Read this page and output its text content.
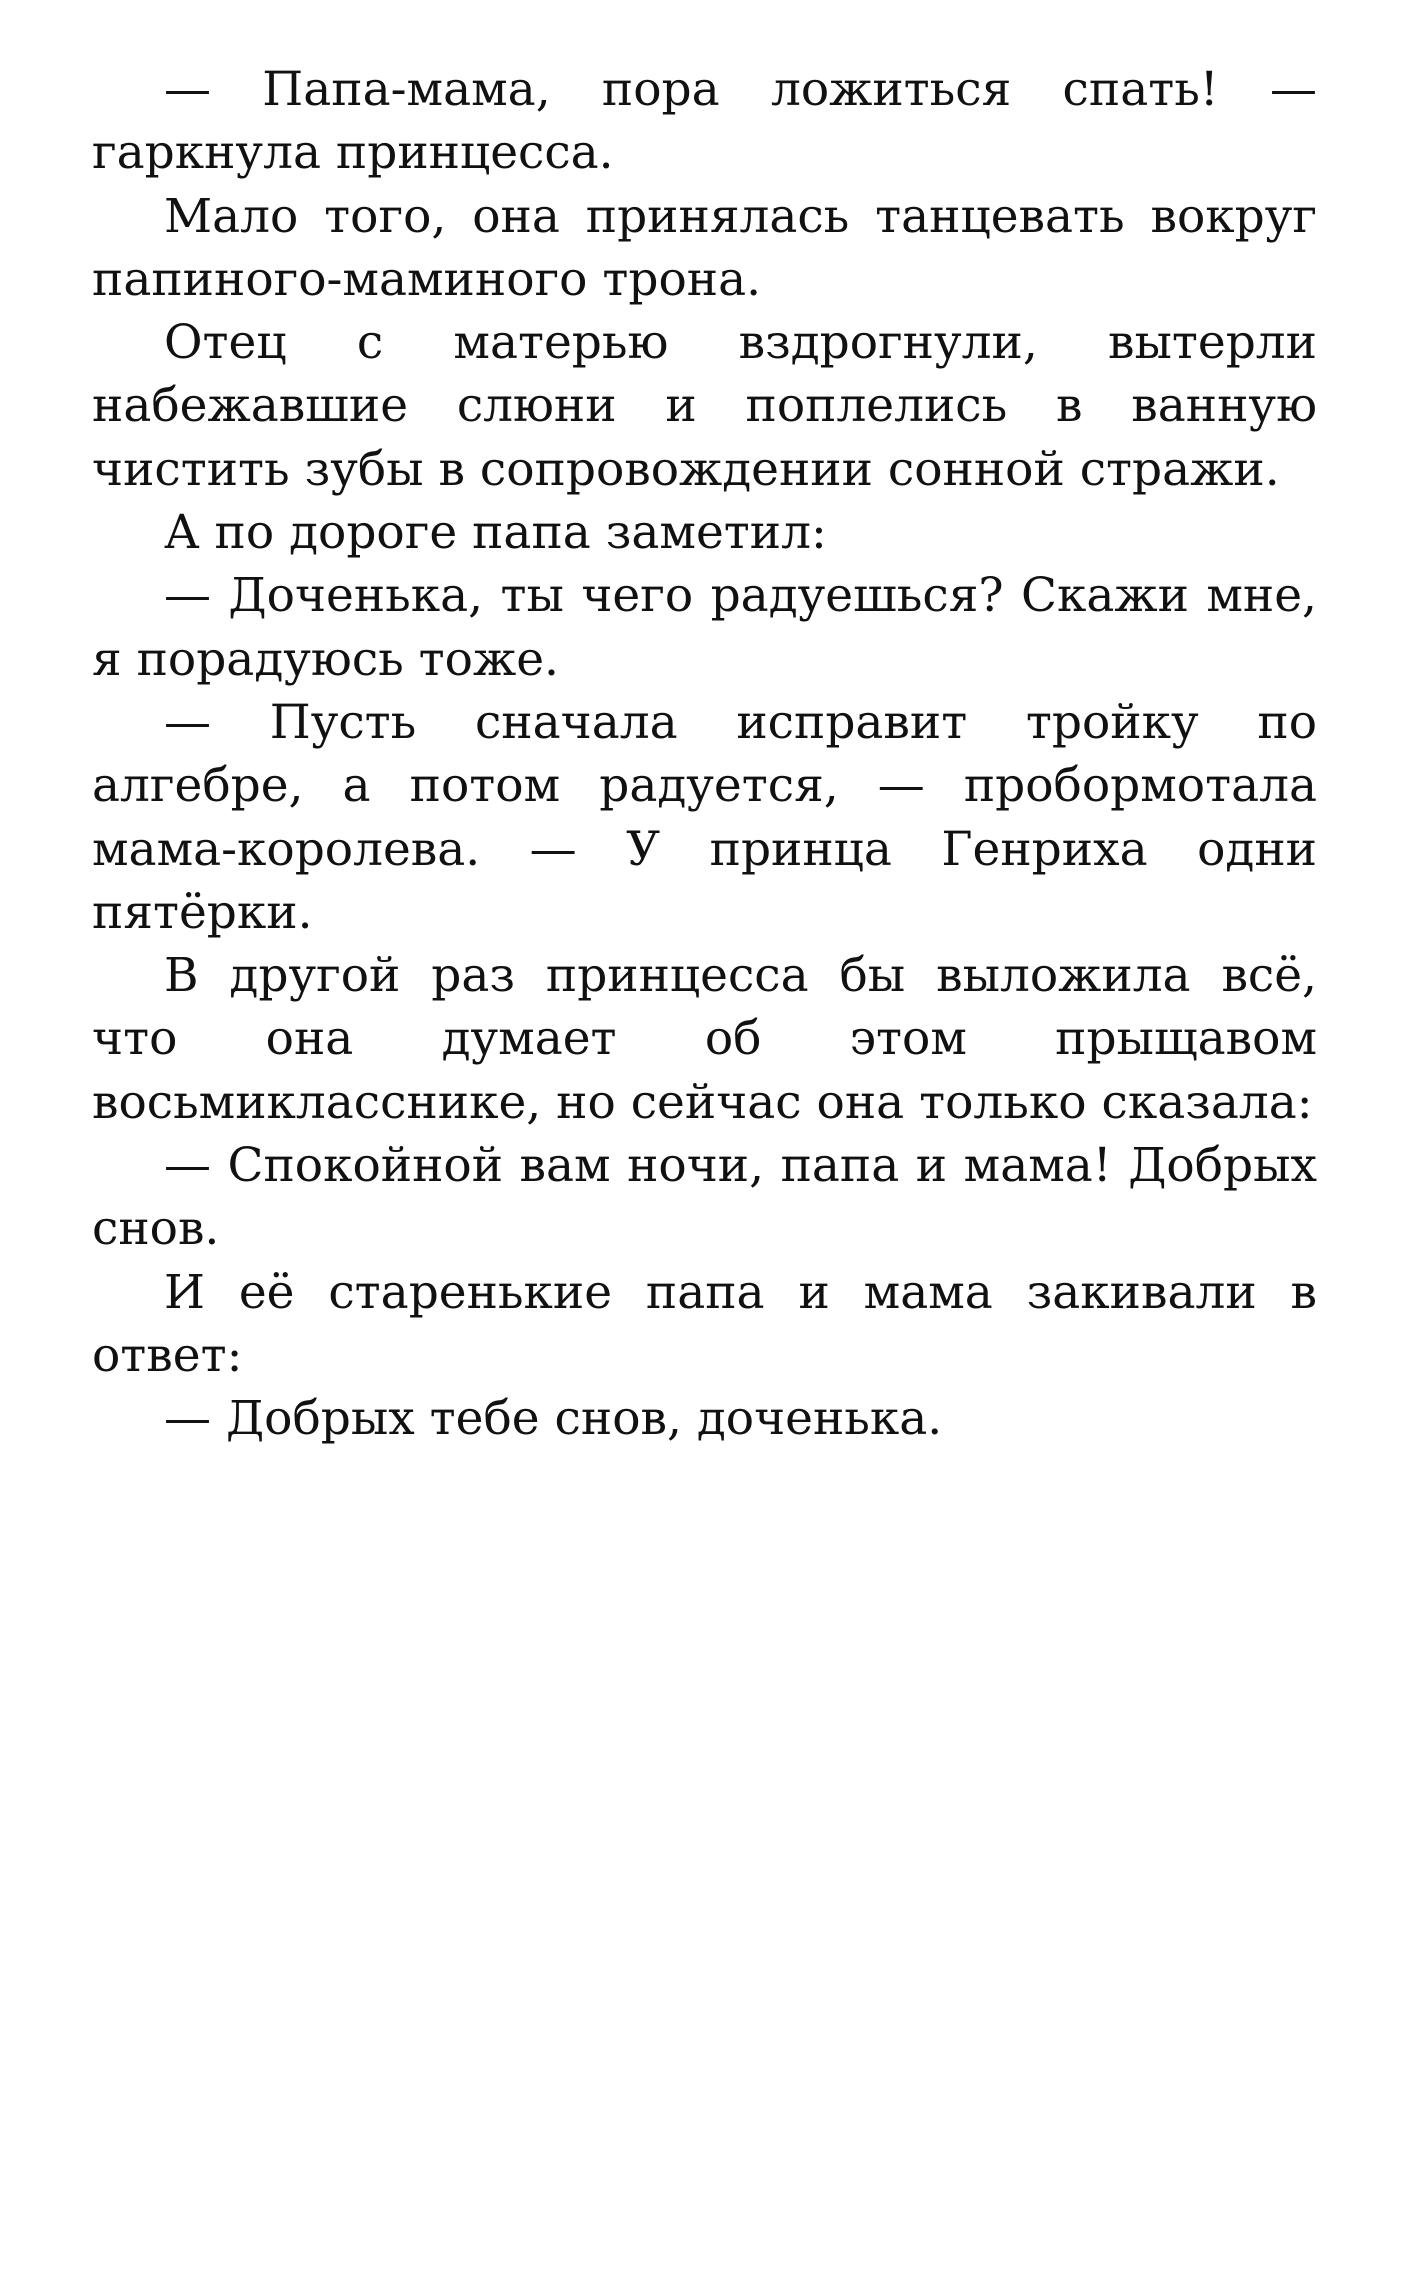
— Папа-мама, пора ложиться спать! — гаркнула принцесса.

Мало того, она принялась танцевать вокруг папиного-маминого трона.

Отец с матерью вздрогнули, вытерли набежавшие слюни и поплелись в ванную чистить зубы в сопровождении сонной стражи.

А по дороге папа заметил:

— Доченька, ты чего радуешься? Скажи мне, я порадуюсь тоже.

— Пусть сначала исправит тройку по алгебре, а потом радуется, — пробормотала мама-королева. — У принца Генриха одни пятёрки.

В другой раз принцесса бы выложила всё, что она думает об этом прыщавом восьмикласснике, но сейчас она только сказала:

— Спокойной вам ночи, папа и мама! Добрых снов.

И её старенькие папа и мама закивали в ответ:

— Добрых тебе снов, доченька.
